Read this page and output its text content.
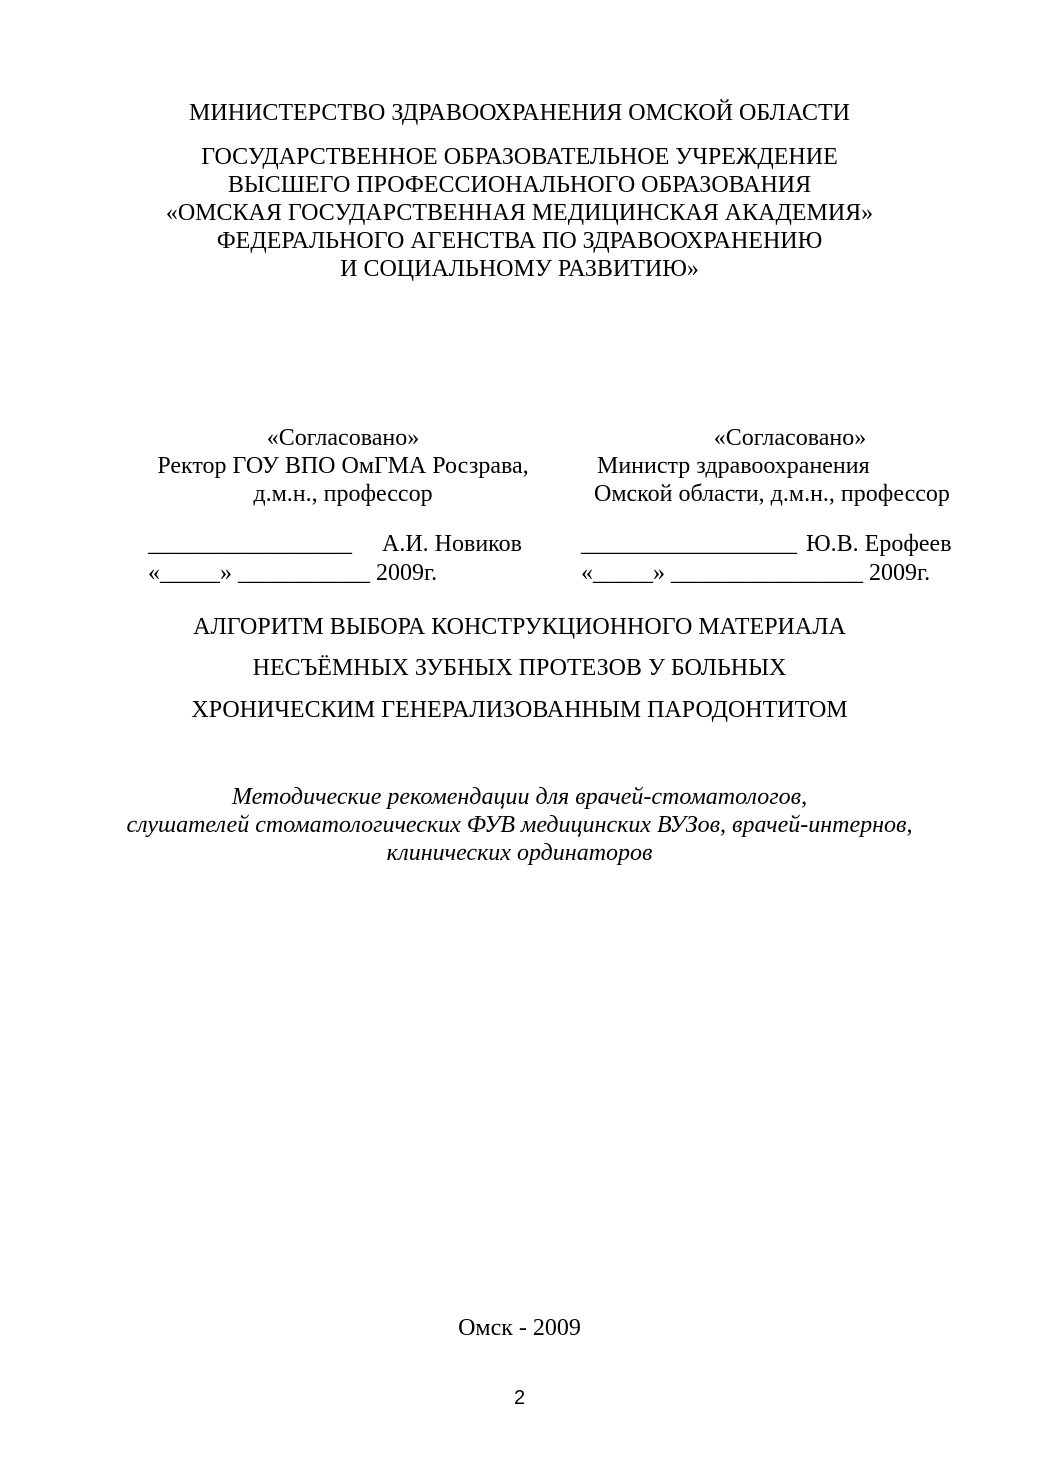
МИНИСТЕРСТВО ЗДРАВООХРАНЕНИЯ ОМСКОЙ ОБЛАСТИ
ГОСУДАРСТВЕННОЕ ОБРАЗОВАТЕЛЬНОЕ УЧРЕЖДЕНИЕ
ВЫСШЕГО ПРОФЕССИОНАЛЬНОГО ОБРАЗОВАНИЯ
«ОМСКАЯ ГОСУДАРСТВЕННАЯ МЕДИЦИНСКАЯ АКАДЕМИЯ»
ФЕДЕРАЛЬНОГО АГЕНСТВА ПО ЗДРАВООХРАНЕНИЮ
И СОЦИАЛЬНОМУ РАЗВИТИЮ»
«Согласовано»
Ректор ГОУ ВПО ОмГМА Росзрава,
д.м.н., профессор
_________________ А.И. Новиков
«_____» ___________ 2009г.
«Согласовано»
Министр здравоохранения
Омской области, д.м.н., профессор
__________________ Ю.В. Ерофеев
«_____» ________________ 2009г.
АЛГОРИТМ ВЫБОРА КОНСТРУКЦИОННОГО МАТЕРИАЛА
НЕСЪЁМНЫХ ЗУБНЫХ ПРОТЕЗОВ У БОЛЬНЫХ
ХРОНИЧЕСКИМ ГЕНЕРАЛИЗОВАННЫМ ПАРОДОНТИТОМ
Методические рекомендации для врачей-стоматологов,
слушателей стоматологических ФУВ медицинских ВУЗов, врачей-интернов,
клинических ординаторов
Омск - 2009
2
